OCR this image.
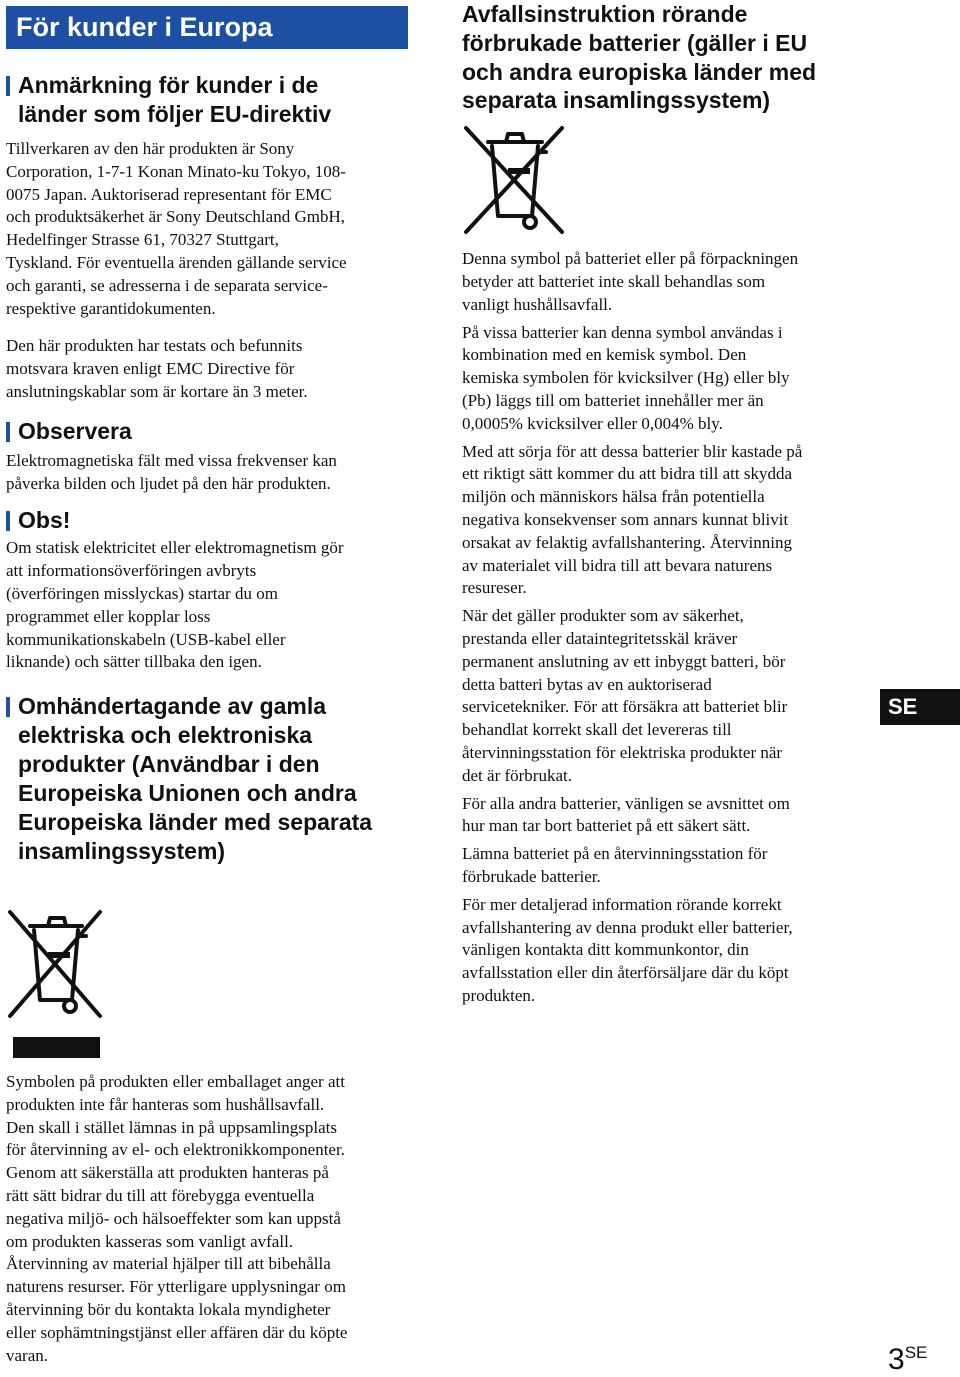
För kunder i Europa
Anmärkning för kunder i de
länder som följer EU-direktiv
Tillverkaren av den här produkten är Sony
Corporation, 1-7-1 Konan Minato-ku Tokyo, 108-
0075 Japan. Auktoriserad representant för EMC
och produktsäkerhet är Sony Deutschland GmbH,
Hedelfinger Strasse 61, 70327 Stuttgart,
Tyskland. För eventuella ärenden gällande service
och garanti, se adresserna i de separata service-
respektive garantidokumenten.
Den här produkten har testats och befunnits
motsvara kraven enligt EMC Directive för
anslutningskablar som är kortare än 3 meter.
Observera
Elektromagnetiska fält med vissa frekvenser kan
påverka bilden och ljudet på den här produkten.
Obs!
Om statisk elektricitet eller elektromagnetism gör
att informationsöverföringen avbryts
(överföringen misslyckas) startar du om
programmet eller kopplar loss
kommunikationskabeln (USB-kabel eller
liknande) och sätter tillbaka den igen.
Omhändertagande av gamla
elektriska och elektroniska
produkter (Användbar i den
Europeiska Unionen och andra
Europeiska länder med separata
insamlingssystem)
Symbolen på produkten eller emballaget anger att
produkten inte får hanteras som hushållsavfall.
Den skall i stället lämnas in på uppsamlingsplats
för återvinning av el- och elektronikkomponenter.
Genom att säkerställa att produkten hanteras på
rätt sätt bidrar du till att förebygga eventuella
negativa miljö- och hälsoeffekter som kan uppstå
om produkten kasseras som vanligt avfall.
Återvinning av material hjälper till att bibehålla
naturens resurser. För ytterligare upplysningar om
återvinning bör du kontakta lokala myndigheter
eller sophämtningstjänst eller affären där du köpte
varan.
Avfallsinstruktion rörande
förbrukade batterier (gäller i EU
och andra europiska länder med
separata insamlingssystem)
Denna symbol på batteriet eller på förpackningen
betyder att batteriet inte skall behandlas som
vanligt hushållsavfall.
På vissa batterier kan denna symbol användas i
kombination med en kemisk symbol. Den
kemiska symbolen för kvicksilver (Hg) eller bly
(Pb) läggs till om batteriet innehåller mer än
0,0005% kvicksilver eller 0,004% bly.
Med att sörja för att dessa batterier blir kastade på
ett riktigt sätt kommer du att bidra till att skydda
miljön och människors hälsa från potentiella
negativa konsekvenser som annars kunnat blivit
orsakat av felaktig avfallshantering. Återvinning
av materialet vill bidra till att bevara naturens
resureser.
När det gäller produkter som av säkerhet,
prestanda eller dataintegritetsskäl kräver
permanent anslutning av ett inbyggt batteri, bör
detta batteri bytas av en auktoriserad
servicetekniker. För att försäkra att batteriet blir
behandlat korrekt skall det levereras till
återvinningsstation för elektriska produkter när
det är förbrukat.
För alla andra batterier, vänligen se avsnittet om
hur man tar bort batteriet på ett säkert sätt.
Lämna batteriet på en återvinningsstation för
förbrukade batterier.
För mer detaljerad information rörande korrekt
avfallshantering av denna produkt eller batterier,
vänligen kontakta ditt kommunkontor, din
avfallsstation eller din återförsäljare där du köpt
produkten.
SE
$3^{SE}$
